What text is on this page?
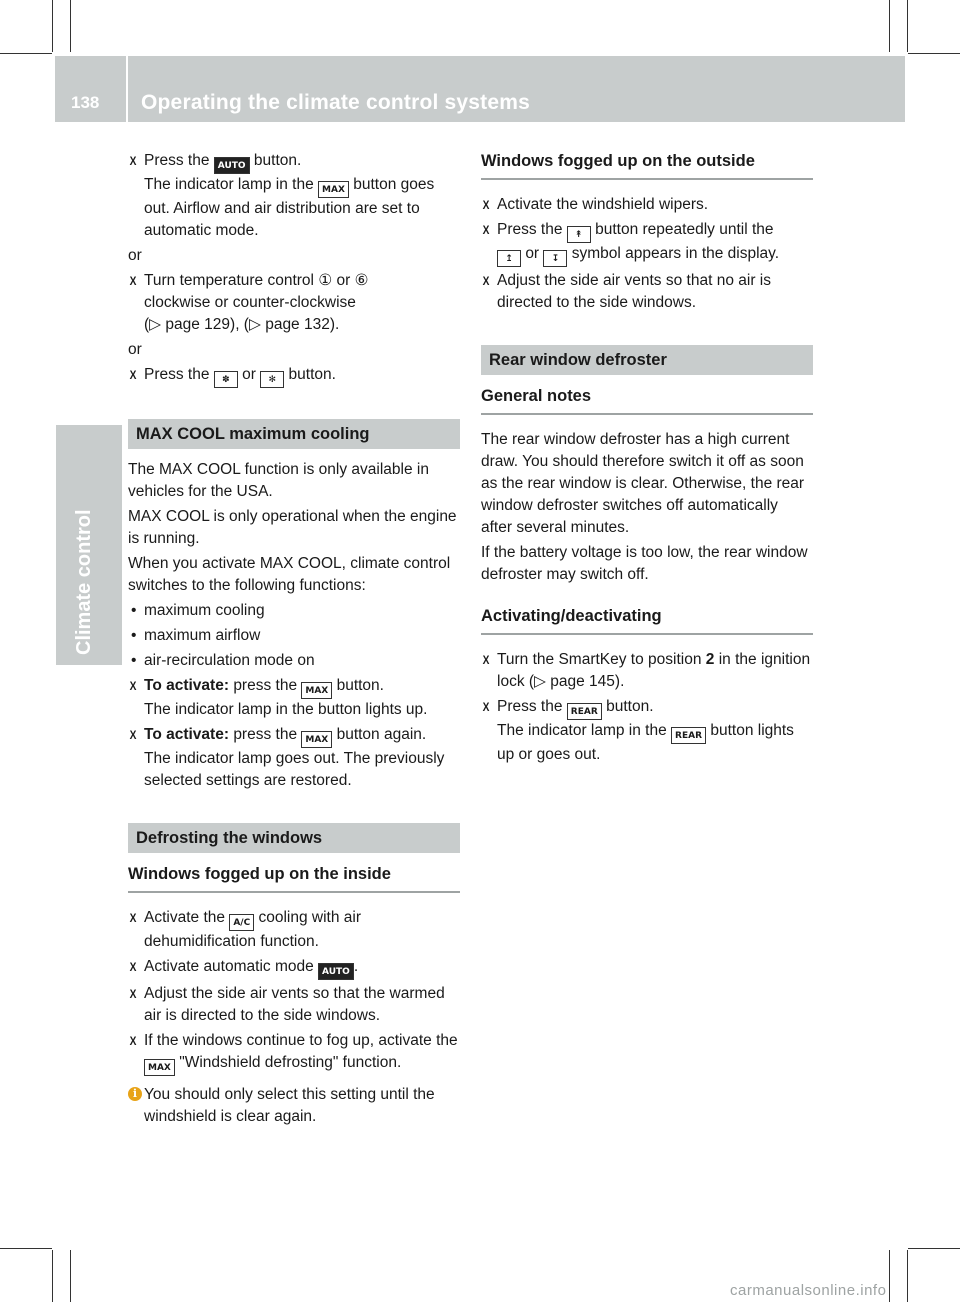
138 Operating the climate control systems
Climate control
X Press the AUTO button.
The indicator lamp in the MAX button goes out. Airflow and air distribution are set to automatic mode.
or
X Turn temperature control ① or ⑥
clockwise or counter-clockwise
(▷ page 129), (▷ page 132).
or
X Press the ✽ or ✻ button.
MAX COOL maximum cooling
The MAX COOL function is only available in vehicles for the USA.
MAX COOL is only operational when the engine is running.
When you activate MAX COOL, climate control switches to the following functions:
• maximum cooling
• maximum airflow
• air-recirculation mode on
X To activate: press the MAX button.
The indicator lamp in the button lights up.
X To activate: press the MAX button again.
The indicator lamp goes out. The previously selected settings are restored.
Defrosting the windows
Windows fogged up on the inside
X Activate the A/C cooling with air dehumidification function.
X Activate automatic mode AUTO .
X Adjust the side air vents so that the warmed air is directed to the side windows.
X If the windows continue to fog up, activate the MAX "Windshield defrosting" function.
i You should only select this setting until the windshield is clear again.
Windows fogged up on the outside
X Activate the windshield wipers.
X Press the ↟ button repeatedly until the
↥ or ↧ symbol appears in the display.
X Adjust the side air vents so that no air is directed to the side windows.
Rear window defroster
General notes
The rear window defroster has a high current draw. You should therefore switch it off as soon as the rear window is clear. Otherwise, the rear window defroster switches off automatically after several minutes.
If the battery voltage is too low, the rear window defroster may switch off.
Activating/deactivating
X Turn the SmartKey to position 2 in the ignition lock (▷ page 145).
X Press the REAR button.
The indicator lamp in the REAR button lights up or goes out.
carmanualsonline.info
